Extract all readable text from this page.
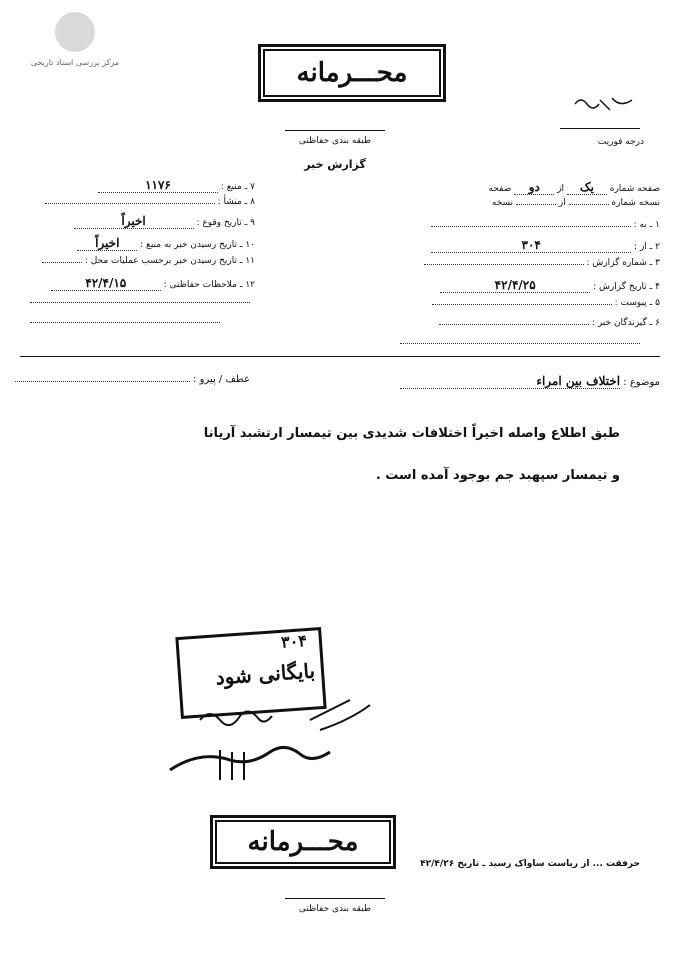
مرکز بررسی اسناد تاریخی	محـــرمانه
درجه فوریت
طبقه بندی حفاظتی
گزارش خبر
۷ ـ منبع : ۱۱۷۶
۸ ـ منشأ :
۹ ـ تاریخ وقوع : اخیراً
۱۰ ـ تاریخ رسیدن خبر به منبع : اخیراً
۱۱ ـ تاریخ رسیدن خبر برحسب عملیات محل :
۱۲ ـ ملاحظات حفاظتی : ۴۲/۴/۱۵
صفحه شماره یک از دو صفحه
نسخه شماره  از  نسخه
۱ ـ به :
۲ ـ از : ۳۰۴
۳ ـ شماره گزارش :
۴ ـ تاریخ گزارش : ۴۲/۴/۲۵
۵ ـ پیوست :
۶ ـ گیرندگان خبر :
موضوع : اختلاف بین امراء
عطف / پیرو :
طبق اطلاع واصله اخیراً اختلافات شدیدی بین تیمسار ارتشبد آریانا
و تیمسار سپهبد جم بوجود آمده است .
۳۰۴
بایگانی شود
محـــرمانه
حرفقت ... از ریاست ساواک رسید ـ تاریخ ۴۲/۴/۲۶
طبقه بندی حفاظتی
